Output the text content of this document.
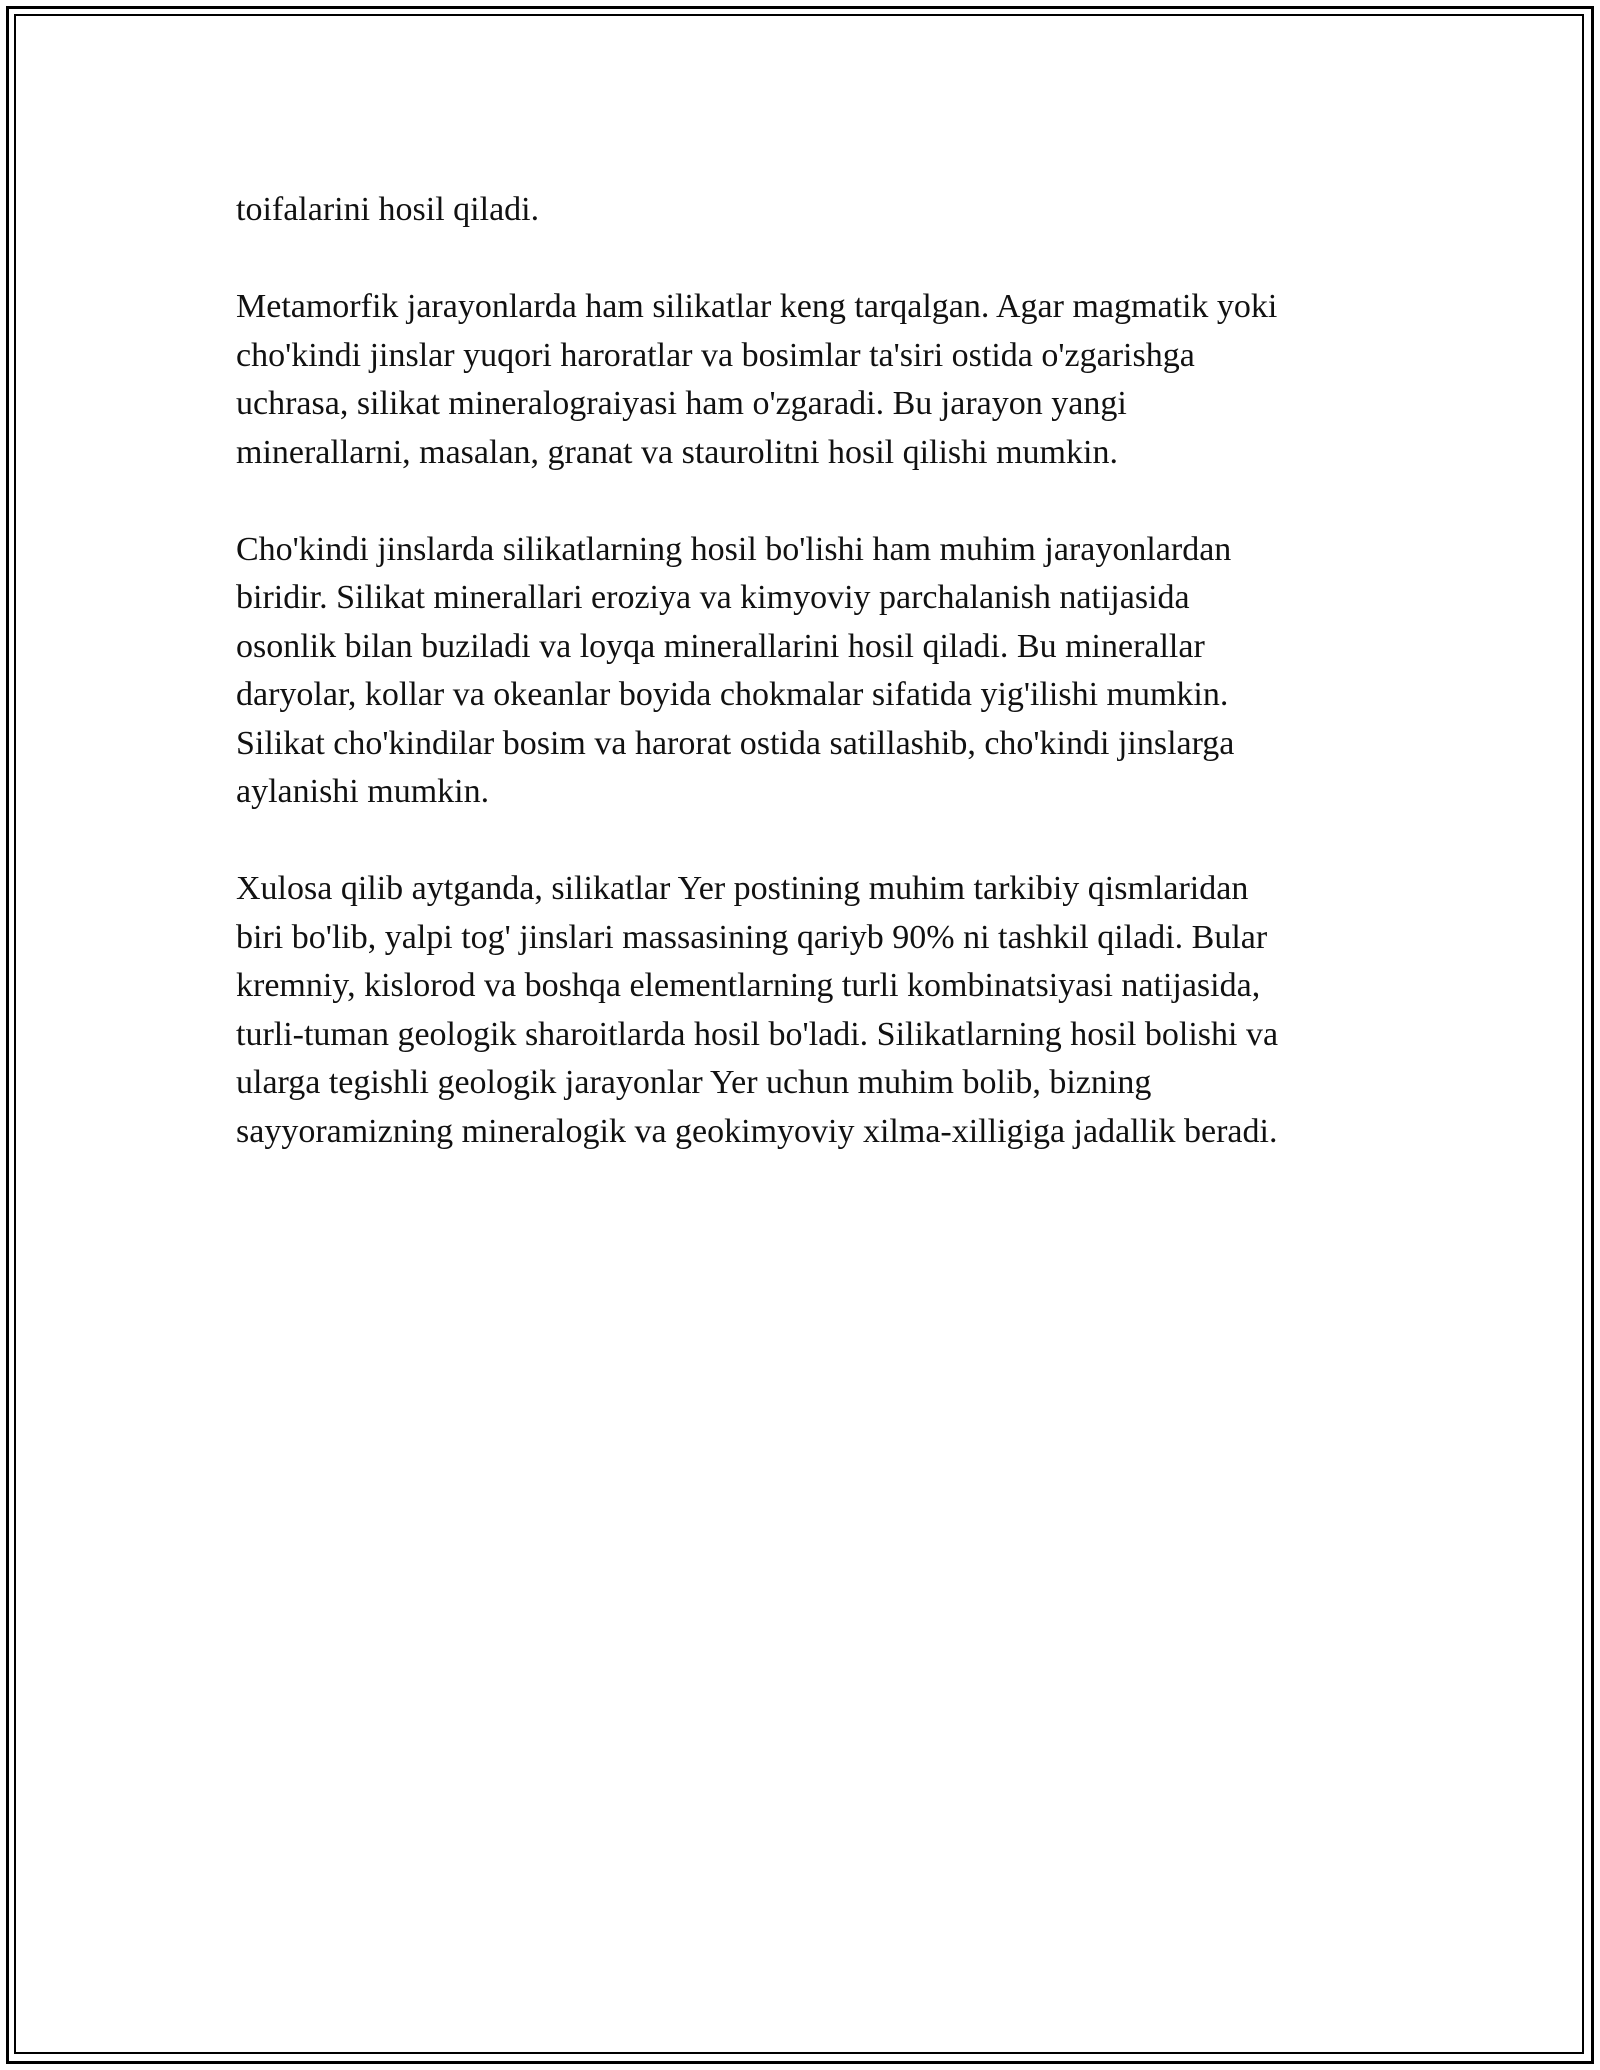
toifalarini hosil qiladi.

Metamorfik jarayonlarda ham silikatlar keng tarqalgan. Agar magmatik yoki
cho'kindi jinslar yuqori haroratlar va bosimlar ta'siri ostida o'zgarishga
uchrasa, silikat mineralograiyasi ham o'zgaradi. Bu jarayon yangi
minerallarni, masalan, granat va staurolitni hosil qilishi mumkin.

Cho'kindi jinslarda silikatlarning hosil bo'lishi ham muhim jarayonlardan
biridir. Silikat minerallari eroziya va kimyoviy parchalanish natijasida
osonlik bilan buziladi va loyqa minerallarini hosil qiladi. Bu minerallar
daryolar, kollar va okeanlar boyida chokmalar sifatida yig'ilishi mumkin.
Silikat cho'kindilar bosim va harorat ostida satillashib, cho'kindi jinslarga
aylanishi mumkin.

Xulosa qilib aytganda, silikatlar Yer postining muhim tarkibiy qismlaridan
biri bo'lib, yalpi tog' jinslari massasining qariyb 90% ni tashkil qiladi. Bular
kremniy, kislorod va boshqa elementlarning turli kombinatsiyasi natijasida,
turli-tuman geologik sharoitlarda hosil bo'ladi. Silikatlarning hosil bolishi va
ularga tegishli geologik jarayonlar Yer uchun muhim bolib, bizning
sayyoramizning mineralogik va geokimyoviy xilma-xilligiga jadallik beradi.
